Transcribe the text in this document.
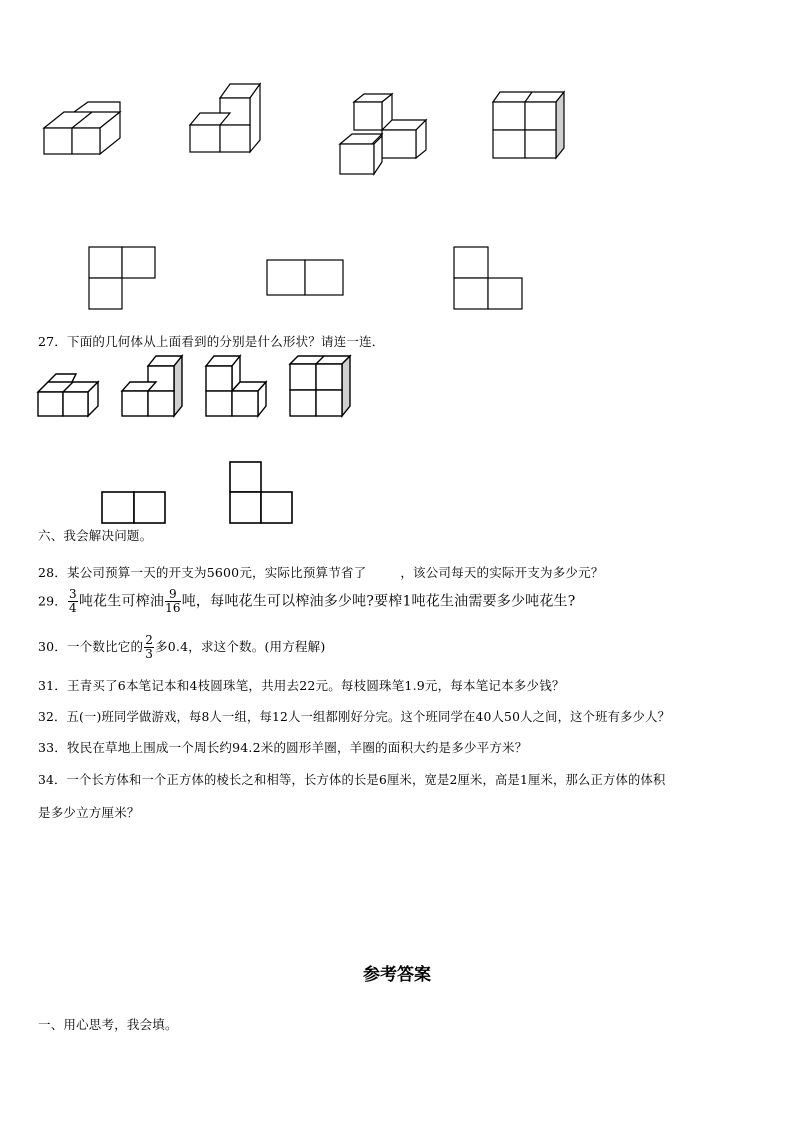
27．下面的几何体从上面看到的分别是什么形状？请连一连．
六、我会解决问题。
28．某公司预算一天的开支为5600元，实际比预算节省了	，该公司每天的实际开支为多少元？
29． $\frac{3}{4}$ 吨花生可榨油 $\frac{9}{16}$ 吨，每吨花生可以榨油多少吨?要榨1吨花生油需要多少吨花生?
30．一个数比它的 $\frac{2}{3}$ 多0.4，求这个数。(用方程解)
31．王青买了6本笔记本和4枝圆珠笔，共用去22元。每枝圆珠笔1.9元，每本笔记本多少钱？
32．五(一)班同学做游戏，每8人一组，每12人一组都刚好分完。这个班同学在40人50人之间，这个班有多少人？
33．牧民在草地上围成一个周长约94.2米的圆形羊圈，羊圈的面积大约是多少平方米？
34．一个长方体和一个正方体的棱长之和相等，长方体的长是6厘米，宽是2厘米，高是1厘米，那么正方体的体积
是多少立方厘米？
参考答案
一、用心思考，我会填。
